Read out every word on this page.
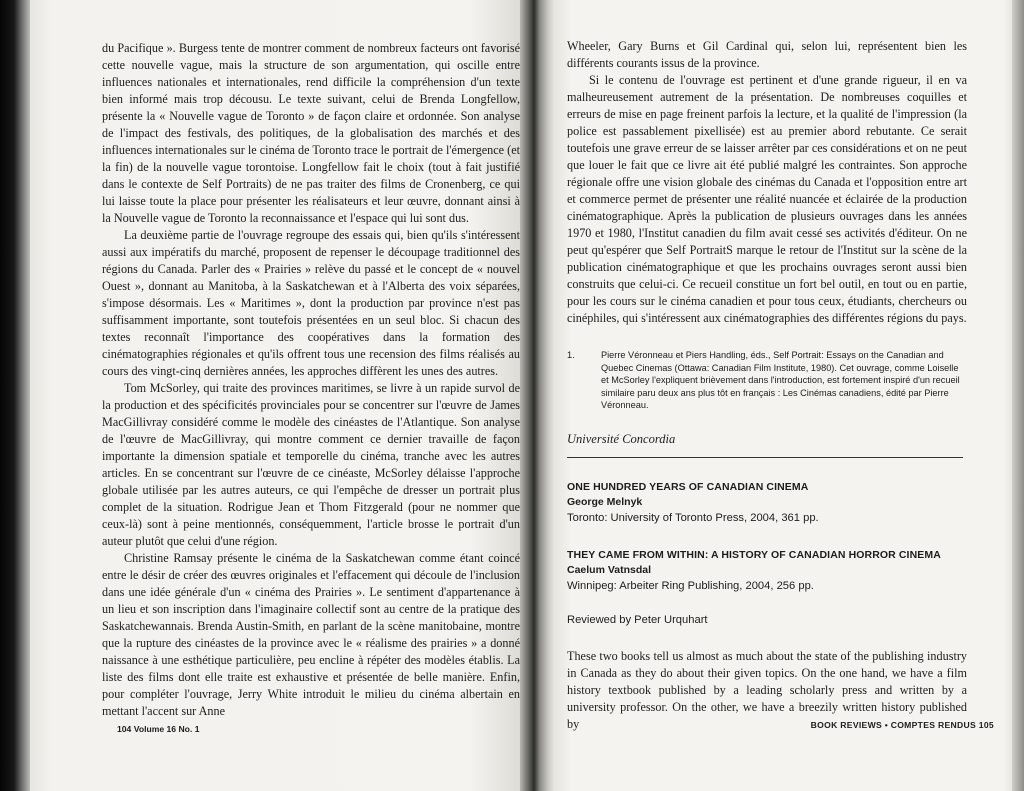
du Pacifique ». Burgess tente de montrer comment de nombreux facteurs ont favorisé cette nouvelle vague, mais la structure de son argumentation, qui oscille entre influences nationales et internationales, rend difficile la compréhension d'un texte bien informé mais trop décousu. Le texte suivant, celui de Brenda Longfellow, présente la « Nouvelle vague de Toronto » de façon claire et ordonnée. Son analyse de l'impact des festivals, des politiques, de la globalisation des marchés et des influences internationales sur le cinéma de Toronto trace le portrait de l'émergence (et la fin) de la nouvelle vague torontoise. Longfellow fait le choix (tout à fait justifié dans le contexte de Self Portraits) de ne pas traiter des films de Cronenberg, ce qui lui laisse toute la place pour présenter les réalisateurs et leur œuvre, donnant ainsi à la Nouvelle vague de Toronto la reconnaissance et l'espace qui lui sont dus.

La deuxième partie de l'ouvrage regroupe des essais qui, bien qu'ils s'intéressent aussi aux impératifs du marché, proposent de repenser le découpage traditionnel des régions du Canada. Parler des « Prairies » relève du passé et le concept de « nouvel Ouest », donnant au Manitoba, à la Saskatchewan et à l'Alberta des voix séparées, s'impose désormais. Les « Maritimes », dont la production par province n'est pas suffisamment importante, sont toutefois présentées en un seul bloc. Si chacun des textes reconnaît l'importance des coopératives dans la formation des cinématographies régionales et qu'ils offrent tous une recension des films réalisés au cours des vingt-cinq dernières années, les approches diffèrent les unes des autres.

Tom McSorley, qui traite des provinces maritimes, se livre à un rapide survol de la production et des spécificités provinciales pour se concentrer sur l'œuvre de James MacGillivray considéré comme le modèle des cinéastes de l'Atlantique. Son analyse de l'œuvre de MacGillivray, qui montre comment ce dernier travaille de façon importante la dimension spatiale et temporelle du cinéma, tranche avec les autres articles. En se concentrant sur l'œuvre de ce cinéaste, McSorley délaisse l'approche globale utilisée par les autres auteurs, ce qui l'empêche de dresser un portrait plus complet de la situation. Rodrigue Jean et Thom Fitzgerald (pour ne nommer que ceux-là) sont à peine mentionnés, conséquemment, l'article brosse le portrait d'un auteur plutôt que celui d'une région.

Christine Ramsay présente le cinéma de la Saskatchewan comme étant coincé entre le désir de créer des œuvres originales et l'effacement qui découle de l'inclusion dans une idée générale d'un « cinéma des Prairies ». Le sentiment d'appartenance à un lieu et son inscription dans l'imaginaire collectif sont au centre de la pratique des Saskatchewannais. Brenda Austin-Smith, en parlant de la scène manitobaine, montre que la rupture des cinéastes de la province avec le « réalisme des prairies » a donné naissance à une esthétique particulière, peu encline à répéter des modèles établis. La liste des films dont elle traite est exhaustive et présentée de belle manière. Enfin, pour compléter l'ouvrage, Jerry White introduit le milieu du cinéma albertain en mettant l'accent sur Anne

104 Volume 16 No. 1

Wheeler, Gary Burns et Gil Cardinal qui, selon lui, représentent bien les différents courants issus de la province.

Si le contenu de l'ouvrage est pertinent et d'une grande rigueur, il en va malheureusement autrement de la présentation. De nombreuses coquilles et erreurs de mise en page freinent parfois la lecture, et la qualité de l'impression (la police est passablement pixellisée) est au premier abord rebutante. Ce serait toutefois une grave erreur de se laisser arrêter par ces considérations et on ne peut que louer le fait que ce livre ait été publié malgré les contraintes. Son approche régionale offre une vision globale des cinémas du Canada et l'opposition entre art et commerce permet de présenter une réalité nuancée et éclairée de la production cinématographique. Après la publication de plusieurs ouvrages dans les années 1970 et 1980, l'Institut canadien du film avait cessé ses activités d'éditeur. On ne peut qu'espérer que Self PortraitS marque le retour de l'Institut sur la scène de la publication cinématographique et que les prochains ouvrages seront aussi bien construits que celui-ci. Ce recueil constitue un fort bel outil, en tout ou en partie, pour les cours sur le cinéma canadien et pour tous ceux, étudiants, chercheurs ou cinéphiles, qui s'intéressent aux cinématographies des différentes régions du pays.

1.	Pierre Véronneau et Piers Handling, éds., Self Portrait: Essays on the Canadian and Quebec Cinemas (Ottawa: Canadian Film Institute, 1980). Cet ouvrage, comme Loiselle et McSorley l'expliquent brièvement dans l'introduction, est fortement inspiré d'un recueil similaire paru deux ans plus tôt en français : Les Cinémas canadiens, édité par Pierre Véronneau.
Université Concordia
ONE HUNDRED YEARS OF CANADIAN CINEMA
George Melnyk
Toronto: University of Toronto Press, 2004, 361 pp.
THEY CAME FROM WITHIN: A HISTORY OF CANADIAN HORROR CINEMA
Caelum Vatnsdal
Winnipeg: Arbeiter Ring Publishing, 2004, 256 pp.
Reviewed by Peter Urquhart

These two books tell us almost as much about the state of the publishing industry in Canada as they do about their given topics. On the one hand, we have a film history textbook published by a leading scholarly press and written by a university professor. On the other, we have a breezily written history published by	BOOK REVIEWS • COMPTES RENDUS 105
